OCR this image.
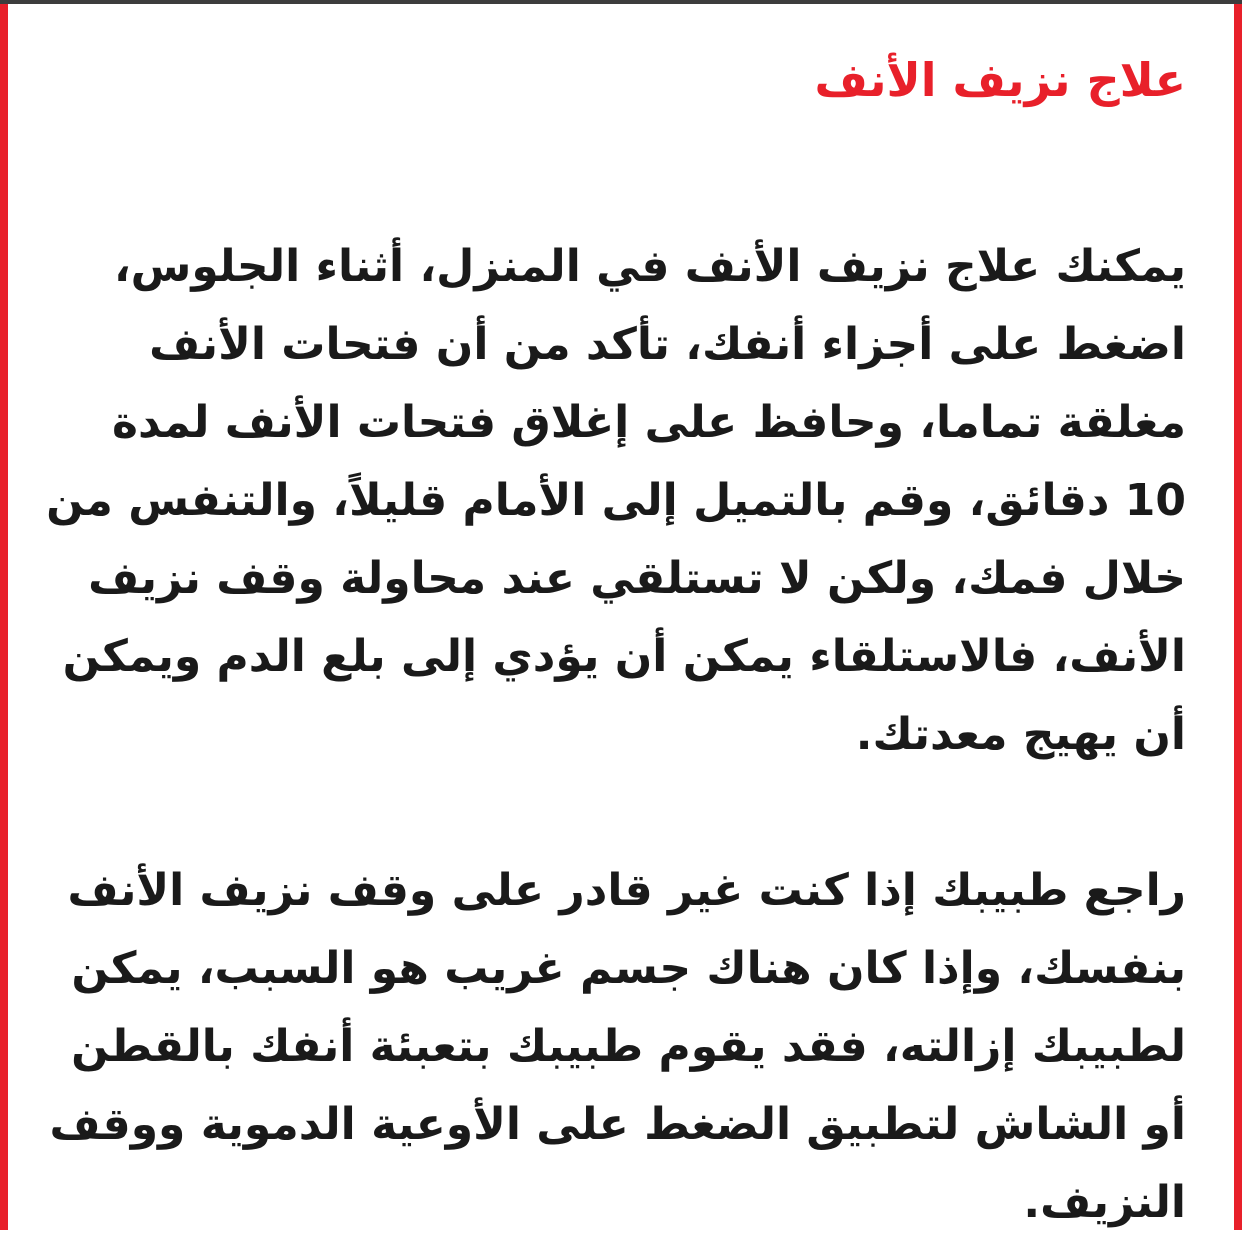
علاج نزيف الأنف

يمكنك علاج نزيف الأنف في المنزل، أثناء الجلوس، اضغط على أجزاء أنفك، تأكد من أن فتحات الأنف مغلقة تماما، وحافظ على إغلاق فتحات الأنف لمدة 10 دقائق، وقم بالتميل إلى الأمام قليلاً، والتنفس من خلال فمك، ولكن لا تستلقي عند محاولة وقف نزيف الأنف، فالاستلقاء يمكن أن يؤدي إلى بلع الدم ويمكن أن يهيج معدتك.

راجع طبيبك إذا كنت غير قادر على وقف نزيف الأنف بنفسك، وإذا كان هناك جسم غريب هو السبب، يمكن لطبيبك إزالته، فقد يقوم طبيبك بتعبئة أنفك بالقطن أو الشاش لتطبيق الضغط على الأوعية الدموية ووقف النزيف.
